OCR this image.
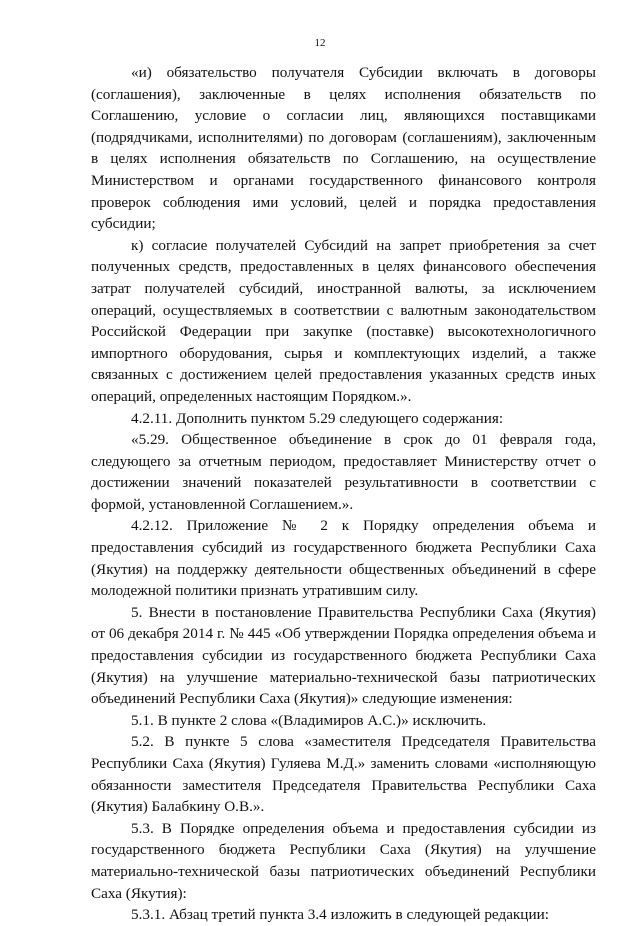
12

«и) обязательство получателя Субсидии включать в договоры (соглашения), заключенные в целях исполнения обязательств по Соглашению, условие о согласии лиц, являющихся поставщиками (подрядчиками, исполнителями) по договорам (соглашениям), заключенным в целях исполнения обязательств по Соглашению, на осуществление Министерством и органами государственного финансового контроля проверок соблюдения ими условий, целей и порядка предоставления субсидии;

к) согласие получателей Субсидий на запрет приобретения за счет полученных средств, предоставленных в целях финансового обеспечения затрат получателей субсидий, иностранной валюты, за исключением операций, осуществляемых в соответствии с валютным законодательством Российской Федерации при закупке (поставке) высокотехнологичного импортного оборудования, сырья и комплектующих изделий, а также связанных с достижением целей предоставления указанных средств иных операций, определенных настоящим Порядком.».

4.2.11. Дополнить пунктом 5.29 следующего содержания:

«5.29. Общественное объединение в срок до 01 февраля года, следующего за отчетным периодом, предоставляет Министерству отчет о достижении значений показателей результативности в соответствии с формой, установленной Соглашением.».

4.2.12. Приложение № 2 к Порядку определения объема и предоставления субсидий из государственного бюджета Республики Саха (Якутия) на поддержку деятельности общественных объединений в сфере молодежной политики признать утратившим силу.

5. Внести в постановление Правительства Республики Саха (Якутия) от 06 декабря 2014 г. № 445 «Об утверждении Порядка определения объема и предоставления субсидии из государственного бюджета Республики Саха (Якутия) на улучшение материально-технической базы патриотических объединений Республики Саха (Якутия)» следующие изменения:

5.1. В пункте 2 слова «(Владимиров А.С.)» исключить.

5.2. В пункте 5 слова «заместителя Председателя Правительства Республики Саха (Якутия) Гуляева М.Д.» заменить словами «исполняющую обязанности заместителя Председателя Правительства Республики Саха (Якутия) Балабкину О.В.».

5.3. В Порядке определения объема и предоставления субсидии из государственного бюджета Республики Саха (Якутия) на улучшение материально-технической базы патриотических объединений Республики Саха (Якутия):

5.3.1. Абзац третий пункта 3.4 изложить в следующей редакции:
